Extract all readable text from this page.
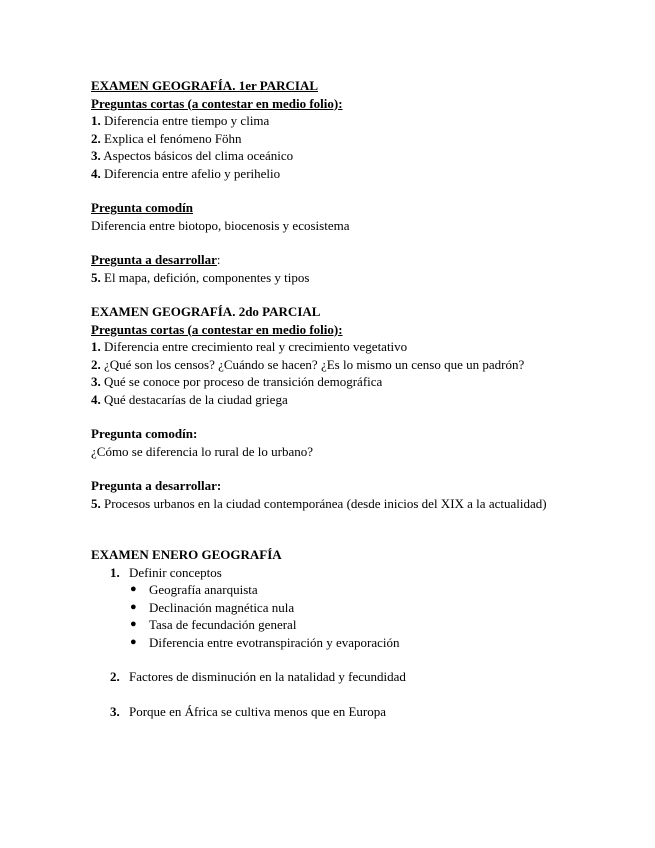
EXAMEN GEOGRAFÍA. 1er PARCIAL
Preguntas cortas (a contestar en medio folio):
1. Diferencia entre tiempo y clima
2. Explica el fenómeno Föhn
3. Aspectos básicos del clima oceánico
4. Diferencia entre afelio y perihelio
Pregunta comodín
Diferencia entre biotopo, biocenosis y ecosistema
Pregunta a desarrollar:
5. El mapa, defición, componentes y tipos
EXAMEN GEOGRAFÍA. 2do PARCIAL
Preguntas cortas (a contestar en medio folio):
1. Diferencia entre crecimiento real y crecimiento vegetativo
2. ¿Qué son los censos? ¿Cuándo se hacen? ¿Es lo mismo un censo que un padrón?
3. Qué se conoce por proceso de transición demográfica
4. Qué destacarías de la ciudad griega
Pregunta comodín:
¿Cómo se diferencia lo rural de lo urbano?
Pregunta a desarrollar:
5. Procesos urbanos en la ciudad contemporánea (desde inicios del XIX a la actualidad)
EXAMEN ENERO GEOGRAFÍA
1. Definir conceptos
● Geografía anarquista
● Declinación magnética nula
● Tasa de fecundación general
● Diferencia entre evotranspiración y evaporación
2. Factores de disminución en la natalidad y fecundidad
3. Porque en África se cultiva menos que en Europa
